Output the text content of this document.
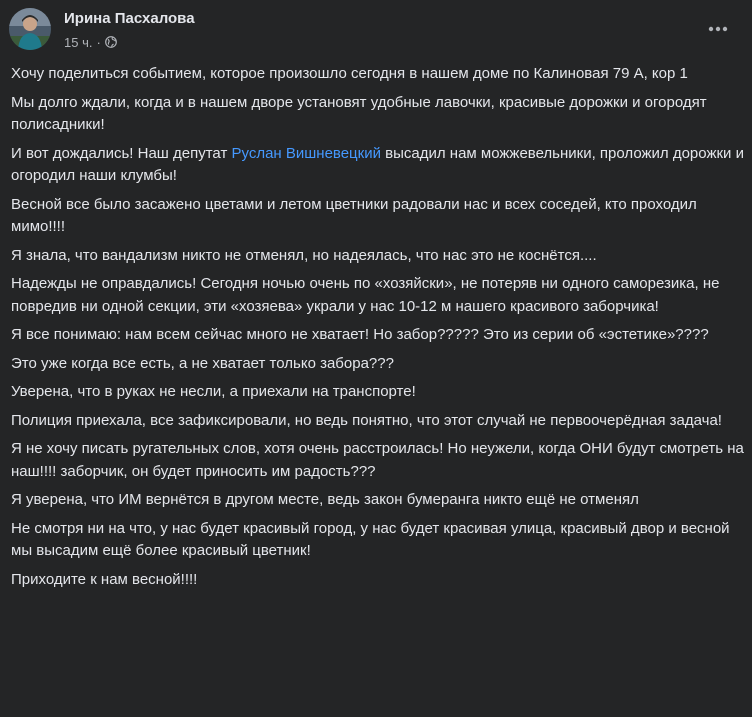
Ирина Пасхалова
15 ч. ·

Хочу поделиться событием, которое произошло сегодня в нашем доме по Калиновая 79 А, кор 1

Мы долго ждали, когда и в нашем дворе установят удобные лавочки, красивые дорожки и огородят полисадники!

И вот дождались! Наш депутат Руслан Вишневецкий высадил нам можжевельники, проложил дорожки и огородил наши клумбы!

Весной все было засажено цветами и летом цветники радовали нас и всех соседей, кто проходил мимо!!!!

Я знала, что вандализм никто не отменял, но надеялась, что нас это не коснётся....

Надежды не оправдались! Сегодня ночью очень по «хозяйски», не потеряв ни одного саморезика, не повредив ни одной секции, эти «хозяева» украли у нас 10-12 м нашего красивого заборчика!

Я все понимаю: нам всем сейчас много не хватает! Но забор????? Это из серии об «эстетике»????

Это уже когда все есть, а не хватает только забора???

Уверена, что в руках не несли, а приехали на транспорте!

Полиция приехала, все зафиксировали, но ведь понятно, что этот случай не первоочерёдная задача!

Я не хочу писать ругательных слов, хотя очень расстроилась! Но неужели, когда ОНИ будут смотреть на наш!!!! заборчик, он будет приносить им радость???

Я уверена, что ИМ вернётся в другом месте, ведь закон бумеранга никто ещё не отменял

Не смотря ни на что, у нас будет красивый город, у нас будет красивая улица, красивый двор и весной мы высадим ещё более красивый цветник!

Приходите к нам весной!!!!
